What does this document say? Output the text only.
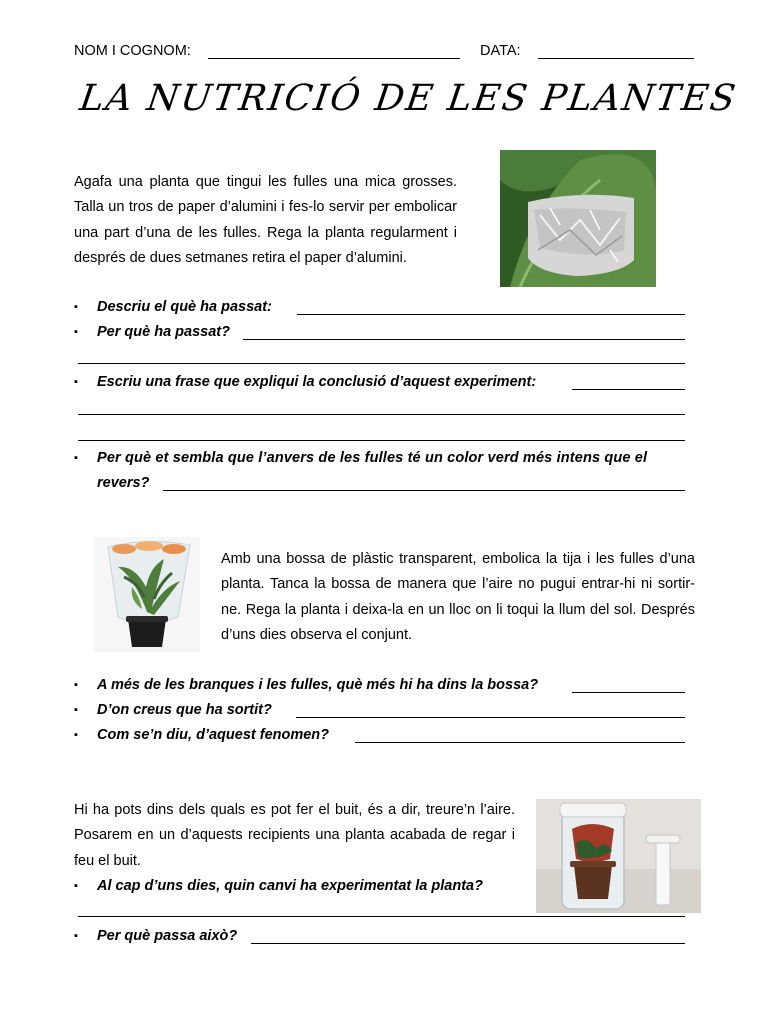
NOM I COGNOM:	DATA:
LA NUTRICIÓ DE LES PLANTES
Agafa una planta que tingui les fulles una mica grosses. Talla un tros de paper d’alumini i fes-lo servir per embolicar una part d’una de les fulles. Rega la planta regularment i després de dues setmanes retira el paper d’alumini.
▪ Descriu el què ha passat:
▪ Per què ha passat?
▪ Escriu una frase que expliqui la conclusió d’aquest experiment:
▪ Per què et sembla que l’anvers de les fulles té un color verd més intens que el
revers?
Amb una bossa de plàstic transparent, embolica la tija i les fulles d’una planta. Tanca la bossa de manera que l’aire no pugui entrar-hi ni sortir-ne. Rega la planta i deixa-la en un lloc on li toqui la llum del sol. Després d’uns dies observa el conjunt.
▪ A més de les branques i les fulles, què més hi ha dins la bossa?
▪ D’on creus que ha sortit?
▪ Com se’n diu, d’aquest fenomen?
Hi ha pots dins dels quals es pot fer el buit, és a dir, treure’n l’aire. Posarem en un d’aquests recipients una planta acabada de regar i feu el buit.
▪ Al cap d’uns dies, quin canvi ha experimentat la planta?
▪ Per què passa això?
